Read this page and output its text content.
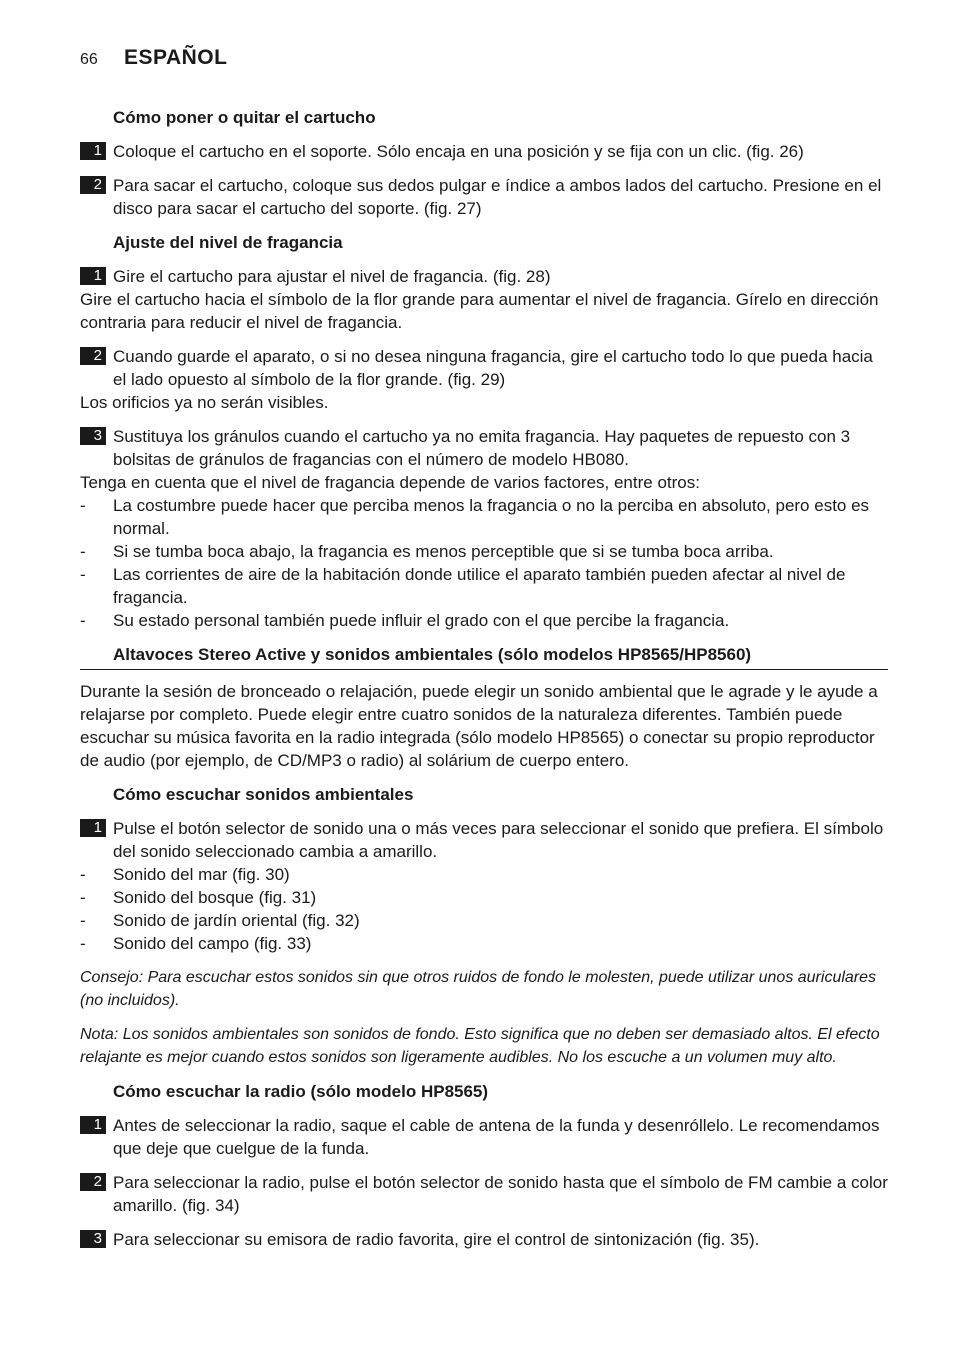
66	ESPAÑOL
Cómo poner o quitar el cartucho
1 Coloque el cartucho en el soporte. Sólo encaja en una posición y se fija con un clic. (fig. 26)
2 Para sacar el cartucho, coloque sus dedos pulgar e índice a ambos lados del cartucho. Presione en el disco para sacar el cartucho del soporte. (fig. 27)
Ajuste del nivel de fragancia
1 Gire el cartucho para ajustar el nivel de fragancia. (fig. 28)

Gire el cartucho hacia el símbolo de la flor grande para aumentar el nivel de fragancia. Gírelo en dirección contraria para reducir el nivel de fragancia.

2 Cuando guarde el aparato, o si no desea ninguna fragancia, gire el cartucho todo lo que pueda hacia el lado opuesto al símbolo de la flor grande. (fig. 29)

Los orificios ya no serán visibles.

3 Sustituya los gránulos cuando el cartucho ya no emita fragancia. Hay paquetes de repuesto con 3 bolsitas de gránulos de fragancias con el número de modelo HB080.

Tenga en cuenta que el nivel de fragancia depende de varios factores, entre otros:

-	La costumbre puede hacer que perciba menos la fragancia o no la perciba en absoluto, pero esto es normal.
-	Si se tumba boca abajo, la fragancia es menos perceptible que si se tumba boca arriba.
-	Las corrientes de aire de la habitación donde utilice el aparato también pueden afectar al nivel de fragancia.
-	Su estado personal también puede influir el grado con el que percibe la fragancia.
Altavoces Stereo Active y sonidos ambientales (sólo modelos HP8565/HP8560)

Durante la sesión de bronceado o relajación, puede elegir un sonido ambiental que le agrade y le ayude a relajarse por completo. Puede elegir entre cuatro sonidos de la naturaleza diferentes. También puede escuchar su música favorita en la radio integrada (sólo modelo HP8565) o conectar su propio reproductor de audio (por ejemplo, de CD/MP3 o radio) al solárium de cuerpo entero.

Cómo escuchar sonidos ambientales
1 Pulse el botón selector de sonido una o más veces para seleccionar el sonido que prefiera. El símbolo del sonido seleccionado cambia a amarillo.
-	Sonido del mar (fig. 30)
-	Sonido del bosque (fig. 31)
-	Sonido de jardín oriental (fig. 32)
-	Sonido del campo (fig. 33)

Consejo: Para escuchar estos sonidos sin que otros ruidos de fondo le molesten, puede utilizar unos auriculares (no incluidos).

Nota: Los sonidos ambientales son sonidos de fondo. Esto significa que no deben ser demasiado altos. El efecto relajante es mejor cuando estos sonidos son ligeramente audibles. No los escuche a un volumen muy alto.

Cómo escuchar la radio (sólo modelo HP8565)
1 Antes de seleccionar la radio, saque el cable de antena de la funda y desenróllelo. Le recomendamos que deje que cuelgue de la funda.
2 Para seleccionar la radio, pulse el botón selector de sonido hasta que el símbolo de FM cambie a color amarillo. (fig. 34)
3 Para seleccionar su emisora de radio favorita, gire el control de sintonización (fig. 35).
